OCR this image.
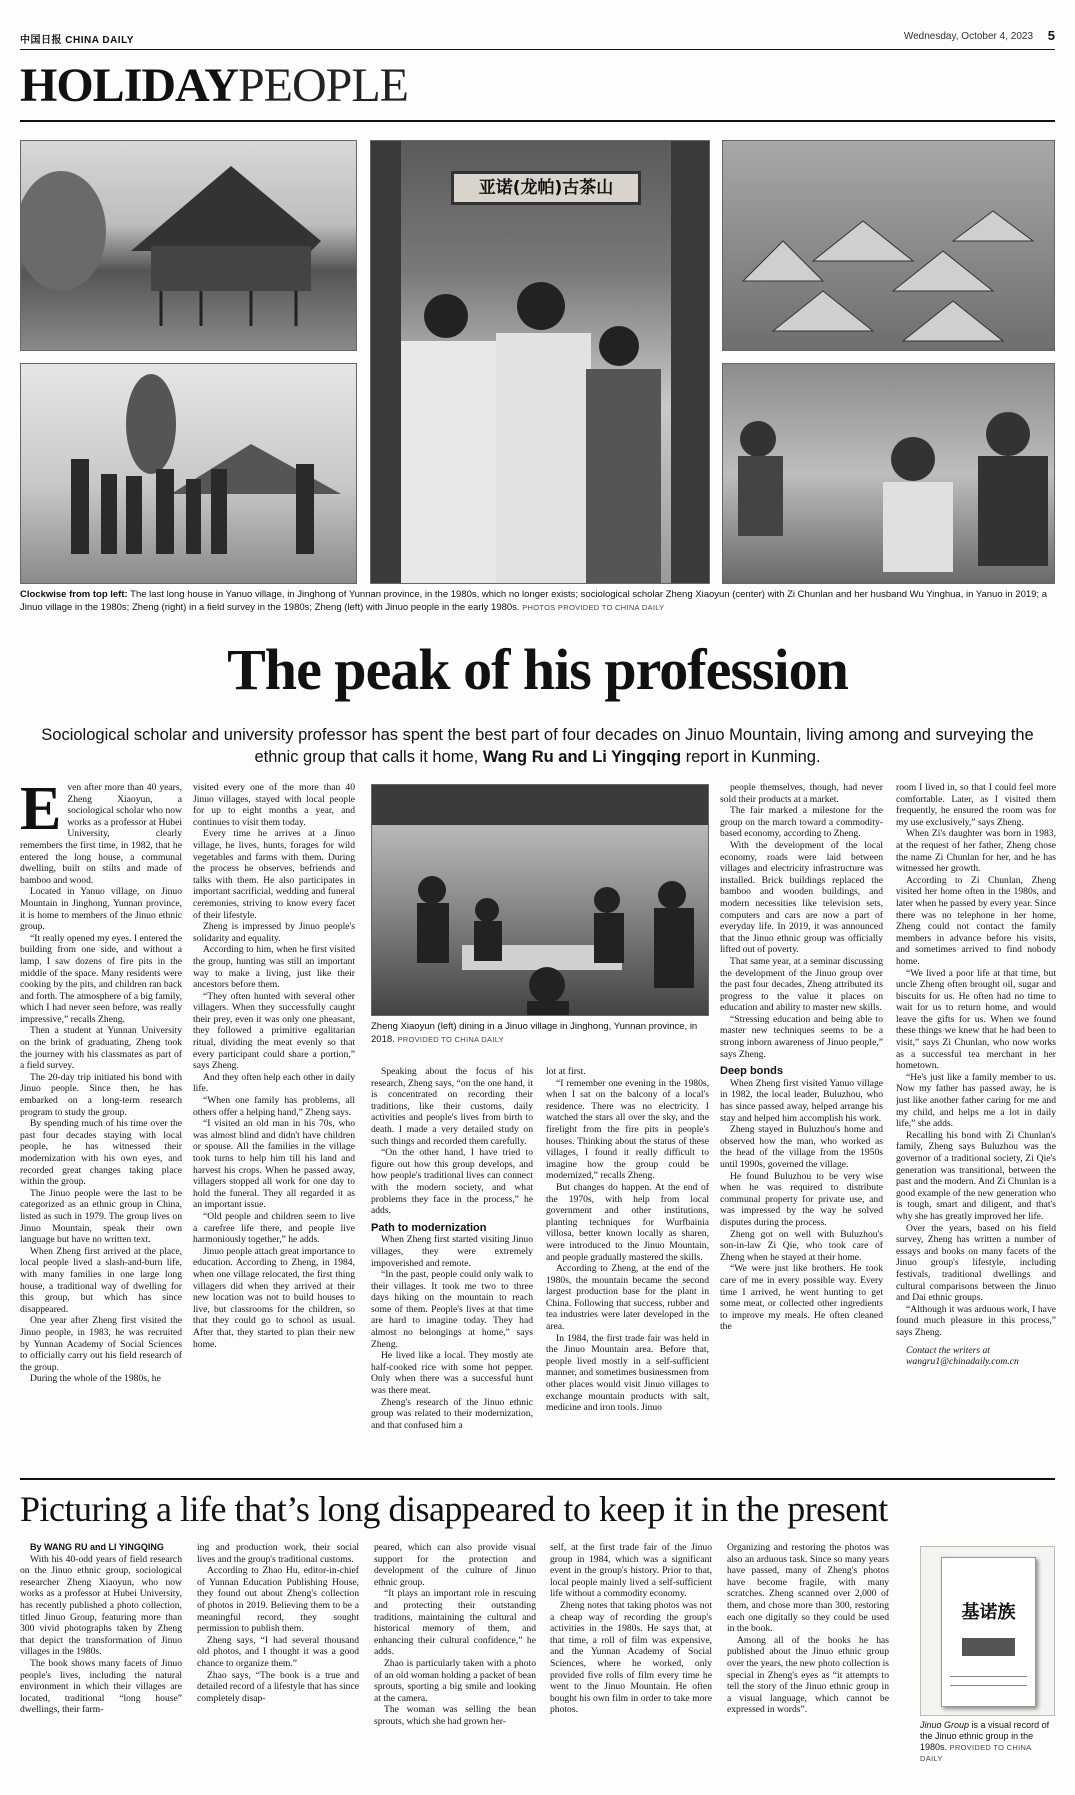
中国日报 CHINA DAILY	Wednesday, October 4, 2023 5
HOLIDAYPEOPLE
亚诺(龙帕)古茶山
Clockwise from top left: The last long house in Yanuo village, in Jinghong of Yunnan province, in the 1980s, which no longer exists; sociological scholar Zheng Xiaoyun (center) with Zi Chunlan and her husband Wu Yinghua, in Yanuo in 2019; a Jinuo village in the 1980s; Zheng (right) in a field survey in the 1980s; Zheng (left) with Jinuo people in the early 1980s. PHOTOS PROVIDED TO CHINA DAILY
The peak of his profession
Sociological scholar and university professor has spent the best part of four decades on Jinuo Mountain, living among and surveying the ethnic group that calls it home, Wang Ru and Li Yingqing report in Kunming.
E ven after more than 40 years, Zheng Xiaoyun, a sociological scholar who now works as a professor at Hubei University, clearly remembers the first time, in 1982, that he entered the long house, a communal dwelling, built on stilts and made of bamboo and wood.

Located in Yanuo village, on Jinuo Mountain in Jinghong, Yunnan province, it is home to members of the Jinuo ethnic group.

“It really opened my eyes. I entered the building from one side, and without a lamp, I saw dozens of fire pits in the middle of the space. Many residents were cooking by the pits, and children ran back and forth. The atmosphere of a big family, which I had never seen before, was really impressive,” recalls Zheng.

Then a student at Yunnan University on the brink of graduating, Zheng took the journey with his classmates as part of a field survey.

The 20-day trip initiated his bond with Jinuo people. Since then, he has embarked on a long-term research program to study the group.

By spending much of his time over the past four decades staying with local people, he has witnessed their modernization with his own eyes, and recorded great changes taking place within the group.

The Jinuo people were the last to be categorized as an ethnic group in China, listed as such in 1979. The group lives on Jinuo Mountain, speak their own language but have no written text.

When Zheng first arrived at the place, local people lived a slash-and-burn life, with many families in one large long house, a traditional way of dwelling for this group, but which has since disappeared.

One year after Zheng first visited the Jinuo people, in 1983, he was recruited by Yunnan Academy of Social Sciences to officially carry out his field research of the group.

During the whole of the 1980s, he

visited every one of the more than 40 Jinuo villages, stayed with local people for up to eight months a year, and continues to visit them today.

Every time he arrives at a Jinuo village, he lives, hunts, forages for wild vegetables and farms with them. During the process he observes, befriends and talks with them. He also participates in important sacrificial, wedding and funeral ceremonies, striving to know every facet of their lifestyle.

Zheng is impressed by Jinuo people's solidarity and equality.

According to him, when he first visited the group, hunting was still an important way to make a living, just like their ancestors before them.

“They often hunted with several other villagers. When they successfully caught their prey, even it was only one pheasant, they followed a primitive egalitarian ritual, dividing the meat evenly so that every participant could share a portion,” says Zheng.

And they often help each other in daily life.

“When one family has problems, all others offer a helping hand,” Zheng says.

“I visited an old man in his 70s, who was almost blind and didn't have children or spouse. All the families in the village took turns to help him till his land and harvest his crops. When he passed away, villagers stopped all work for one day to hold the funeral. They all regarded it as an important issue.

“Old people and children seem to live a carefree life there, and people live harmoniously together,” he adds.

Jinuo people attach great importance to education. According to Zheng, in 1984, when one village relocated, the first thing villagers did when they arrived at their new location was not to build houses to live, but classrooms for the children, so that they could go to school as usual. After that, they started to plan their new home.

Zheng Xiaoyun (left) dining in a Jinuo village in Jinghong, Yunnan province, in 2018. PROVIDED TO CHINA DAILY

Speaking about the focus of his research, Zheng says, “on the one hand, it is concentrated on recording their traditions, like their customs, daily activities and people's lives from birth to death. I made a very detailed study on such things and recorded them carefully.

“On the other hand, I have tried to figure out how this group develops, and how people's traditional lives can connect with the modern society, and what problems they face in the process,” he adds.

Path to modernization

When Zheng first started visiting Jinuo villages, they were extremely impoverished and remote.

“In the past, people could only walk to their villages. It took me two to three days hiking on the mountain to reach some of them. People's lives at that time are hard to imagine today. They had almost no belongings at home,” says Zheng.

He lived like a local. They mostly ate half-cooked rice with some hot pepper. Only when there was a successful hunt was there meat.

Zheng's research of the Jinuo ethnic group was related to their modernization, and that confused him a

lot at first.

“I remember one evening in the 1980s, when I sat on the balcony of a local's residence. There was no electricity. I watched the stars all over the sky, and the firelight from the fire pits in people's houses. Thinking about the status of these villages, I found it really difficult to imagine how the group could be modernized,” recalls Zheng.

But changes do happen. At the end of the 1970s, with help from local government and other institutions, planting techniques for Wurfbainia villosa, better known locally as sharen, were introduced to the Jinuo Mountain, and people gradually mastered the skills.

According to Zheng, at the end of the 1980s, the mountain became the second largest production base for the plant in China. Following that success, rubber and tea industries were later developed in the area.

In 1984, the first trade fair was held in the Jinuo Mountain area. Before that, people lived mostly in a self-sufficient manner, and sometimes businessmen from other places would visit Jinuo villages to exchange mountain products with salt, medicine and iron tools. Jinuo

people themselves, though, had never sold their products at a market.

The fair marked a milestone for the group on the march toward a commodity-based economy, according to Zheng.

With the development of the local economy, roads were laid between villages and electricity infrastructure was installed. Brick buildings replaced the bamboo and wooden buildings, and modern necessities like television sets, computers and cars are now a part of everyday life. In 2019, it was announced that the Jinuo ethnic group was officially lifted out of poverty.

That same year, at a seminar discussing the development of the Jinuo group over the past four decades, Zheng attributed its progress to the value it places on education and ability to master new skills.

“Stressing education and being able to master new techniques seems to be a strong inborn awareness of Jinuo people,” says Zheng.

Deep bonds

When Zheng first visited Yanuo village in 1982, the local leader, Buluzhou, who has since passed away, helped arrange his stay and helped him accomplish his work.

Zheng stayed in Buluzhou's home and observed how the man, who worked as the head of the village from the 1950s until 1990s, governed the village.

He found Buluzhou to be very wise when he was required to distribute communal property for private use, and was impressed by the way he solved disputes during the process.

Zheng got on well with Buluzhou's son-in-law Zi Qie, who took care of Zheng when he stayed at their home.

“We were just like brothers. He took care of me in every possible way. Every time I arrived, he went hunting to get some meat, or collected other ingredients to improve my meals. He often cleaned the

room I lived in, so that I could feel more comfortable. Later, as I visited them frequently, he ensured the room was for my use exclusively,” says Zheng.

When Zi's daughter was born in 1983, at the request of her father, Zheng chose the name Zi Chunlan for her, and he has witnessed her growth.

According to Zi Chunlan, Zheng visited her home often in the 1980s, and later when he passed by every year. Since there was no telephone in her home, Zheng could not contact the family members in advance before his visits, and sometimes arrived to find nobody home.

“We lived a poor life at that time, but uncle Zheng often brought oil, sugar and biscuits for us. He often had no time to wait for us to return home, and would leave the gifts for us. When we found these things we knew that he had been to visit,” says Zi Chunlan, who now works as a successful tea merchant in her hometown.

“He's just like a family member to us. Now my father has passed away, he is just like another father caring for me and my child, and helps me a lot in daily life,” she adds.

Recalling his bond with Zi Chunlan's family, Zheng says Buluzhou was the governor of a traditional society, Zi Qie's generation was transitional, between the past and the modern. And Zi Chunlan is a good example of the new generation who is tough, smart and diligent, and that's why she has greatly improved her life.

Over the years, based on his field survey, Zheng has written a number of essays and books on many facets of the Jinuo group's lifestyle, including festivals, traditional dwellings and cultural comparisons between the Jinuo and Dai ethnic groups.

“Although it was arduous work, I have found much pleasure in this process,” says Zheng.

Contact the writers at

wangru1@chinadaily.com.cn

Picturing a life that’s long disappeared to keep it in the present

By WANG RU and LI YINGQING

With his 40-odd years of field research on the Jinuo ethnic group, sociological researcher Zheng Xiaoyun, who now works as a professor at Hubei University, has recently published a photo collection, titled Jinuo Group, featuring more than 300 vivid photographs taken by Zheng that depict the transformation of Jinuo villages in the 1980s.

The book shows many facets of Jinuo people's lives, including the natural environment in which their villages are located, traditional “long house” dwellings, their farm-

ing and production work, their social lives and the group's traditional customs.

According to Zhao Hu, editor-in-chief of Yunnan Education Publishing House, they found out about Zheng's collection of photos in 2019. Believing them to be a meaningful record, they sought permission to publish them.

Zheng says, “I had several thousand old photos, and I thought it was a good chance to organize them.”

Zhao says, “The book is a true and detailed record of a lifestyle that has since completely disap-

peared, which can also provide visual support for the protection and development of the culture of Jinuo ethnic group.

“It plays an important role in rescuing and protecting their outstanding traditions, maintaining the cultural and historical memory of them, and enhancing their cultural confidence,” he adds.

Zhao is particularly taken with a photo of an old woman holding a packet of bean sprouts, sporting a big smile and looking at the camera.

The woman was selling the bean sprouts, which she had grown her-

self, at the first trade fair of the Jinuo group in 1984, which was a significant event in the group's history. Prior to that, local people mainly lived a self-sufficient life without a commodity economy.

Zheng notes that taking photos was not a cheap way of recording the group's activities in the 1980s. He says that, at that time, a roll of film was expensive, and the Yunnan Academy of Social Sciences, where he worked, only provided five rolls of film every time he went to the Jinuo Mountain. He often bought his own film in order to take more photos.

Organizing and restoring the photos was also an arduous task. Since so many years have passed, many of Zheng's photos have become fragile, with many scratches. Zheng scanned over 2,000 of them, and chose more than 300, restoring each one digitally so they could be used in the book.

Among all of the books he has published about the Jinuo ethnic group over the years, the new photo collection is special in Zheng's eyes as “it attempts to tell the story of the Jinuo ethnic group in a visual language, which cannot be expressed in words”.

基诺族
Jinuo Group is a visual record of the Jinuo ethnic group in the 1980s. PROVIDED TO CHINA DAILY
